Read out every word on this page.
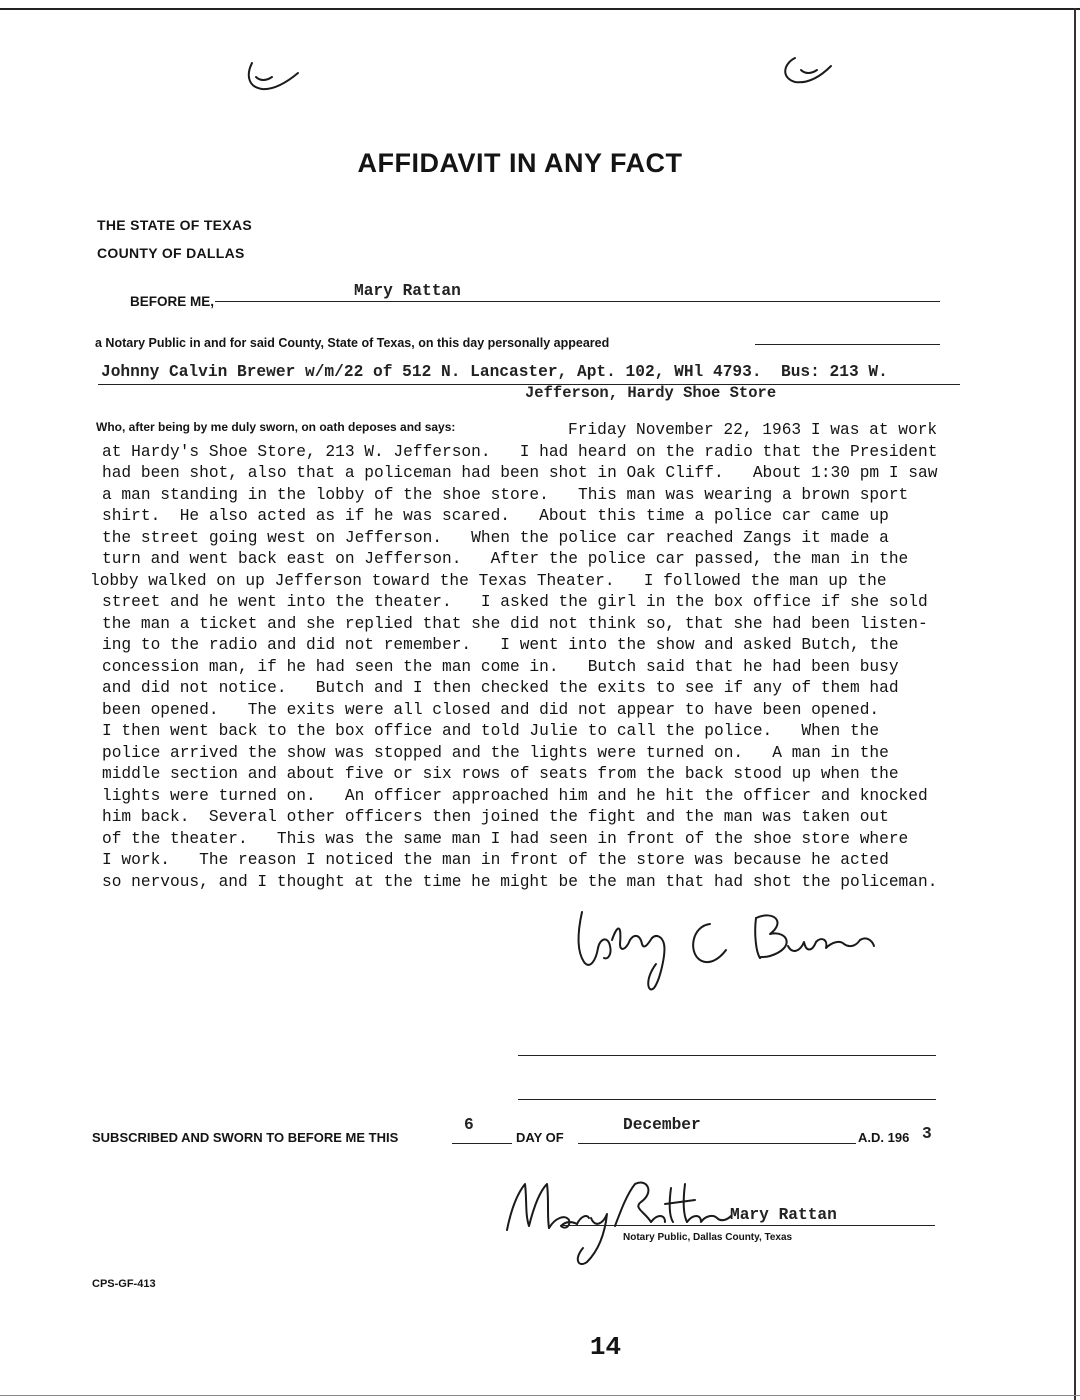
AFFIDAVIT IN ANY FACT
THE STATE OF TEXAS
COUNTY OF DALLAS
BEFORE ME,
Mary Rattan
a Notary Public in and for said County, State of Texas, on this day personally appeared
Johnny Calvin Brewer w/m/22 of 512 N. Lancaster, Apt. 102, WHl 4793.  Bus: 213 W.
Jefferson, Hardy Shoe Store
Who, after being by me duly sworn, on oath deposes and says:	Friday November 22, 1963 I was at work
at Hardy's Shoe Store, 213 W. Jefferson.   I had heard on the radio that the President
had been shot, also that a policeman had been shot in Oak Cliff.   About 1:30 pm I saw
a man standing in the lobby of the shoe store.   This man was wearing a brown sport
shirt.  He also acted as if he was scared.   About this time a police car came up
the street going west on Jefferson.   When the police car reached Zangs it made a
turn and went back east on Jefferson.   After the police car passed, the man in the
lobby walked on up Jefferson toward the Texas Theater.   I followed the man up the
street and he went into the theater.   I asked the girl in the box office if she sold
the man a ticket and she replied that she did not think so, that she had been listen-
ing to the radio and did not remember.   I went into the show and asked Butch, the
concession man, if he had seen the man come in.   Butch said that he had been busy
and did not notice.   Butch and I then checked the exits to see if any of them had
been opened.   The exits were all closed and did not appear to have been opened.
I then went back to the box office and told Julie to call the police.   When the
police arrived the show was stopped and the lights were turned on.   A man in the
middle section and about five or six rows of seats from the back stood up when the
lights were turned on.   An officer approached him and he hit the officer and knocked
him back.  Several other officers then joined the fight and the man was taken out
of the theater.   This was the same man I had seen in front of the shoe store where
I work.   The reason I noticed the man in front of the store was because he acted
so nervous, and I thought at the time he might be the man that had shot the policeman.
SUBSCRIBED AND SWORN TO BEFORE ME THIS
6
DAY OF
December
A.D. 196 3
Mary Rattan
Notary Public, Dallas County, Texas
CPS-GF-413
14
